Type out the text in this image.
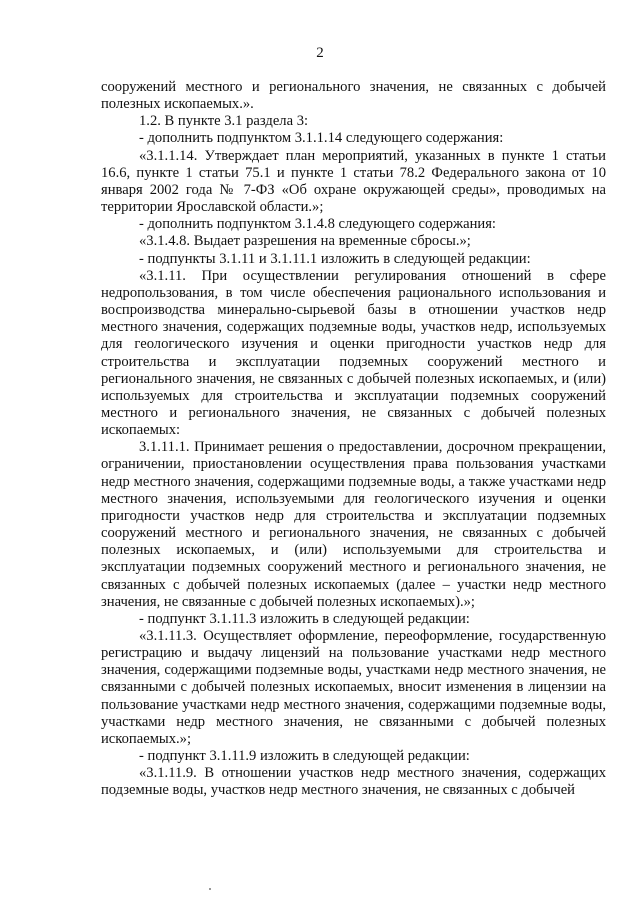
2

сооружений местного и регионального значения, не связанных с добычей полезных ископаемых.».

1.2. В пункте 3.1 раздела 3:

- дополнить подпунктом 3.1.1.14 следующего содержания:

«3.1.1.14. Утверждает план мероприятий, указанных в пункте 1 статьи 16.6, пункте 1 статьи 75.1 и пункте 1 статьи 78.2 Федерального закона от 10 января 2002 года № 7-ФЗ «Об охране окружающей среды», проводимых на территории Ярославской области.»;

- дополнить подпунктом 3.1.4.8 следующего содержания:

«3.1.4.8. Выдает разрешения на временные сбросы.»;

- подпункты 3.1.11 и 3.1.11.1 изложить в следующей редакции:

«3.1.11. При осуществлении регулирования отношений в сфере недропользования, в том числе обеспечения рационального использования и воспроизводства минерально-сырьевой базы в отношении участков недр местного значения, содержащих подземные воды, участков недр, используемых для геологического изучения и оценки пригодности участков недр для строительства и эксплуатации подземных сооружений местного и регионального значения, не связанных с добычей полезных ископаемых, и (или) используемых для строительства и эксплуатации подземных сооружений местного и регионального значения, не связанных с добычей полезных ископаемых:

3.1.11.1. Принимает решения о предоставлении, досрочном прекращении, ограничении, приостановлении осуществления права пользования участками недр местного значения, содержащими подземные воды, а также участками недр местного значения, используемыми для геологического изучения и оценки пригодности участков недр для строительства и эксплуатации подземных сооружений местного и регионального значения, не связанных с добычей полезных ископаемых, и (или) используемыми для строительства и эксплуатации подземных сооружений местного и регионального значения, не связанных с добычей полезных ископаемых (далее – участки недр местного значения, не связанные с добычей полезных ископаемых).»;

- подпункт 3.1.11.3 изложить в следующей редакции:

«3.1.11.3. Осуществляет оформление, переоформление, государственную регистрацию и выдачу лицензий на пользование участками недр местного значения, содержащими подземные воды, участками недр местного значения, не связанными с добычей полезных ископаемых, вносит изменения в лицензии на пользование участками недр местного значения, содержащими подземные воды, участками недр местного значения, не связанными с добычей полезных ископаемых.»;

- подпункт 3.1.11.9 изложить в следующей редакции:

«3.1.11.9. В отношении участков недр местного значения, содержащих подземные воды, участков недр местного значения, не связанных с добычей
